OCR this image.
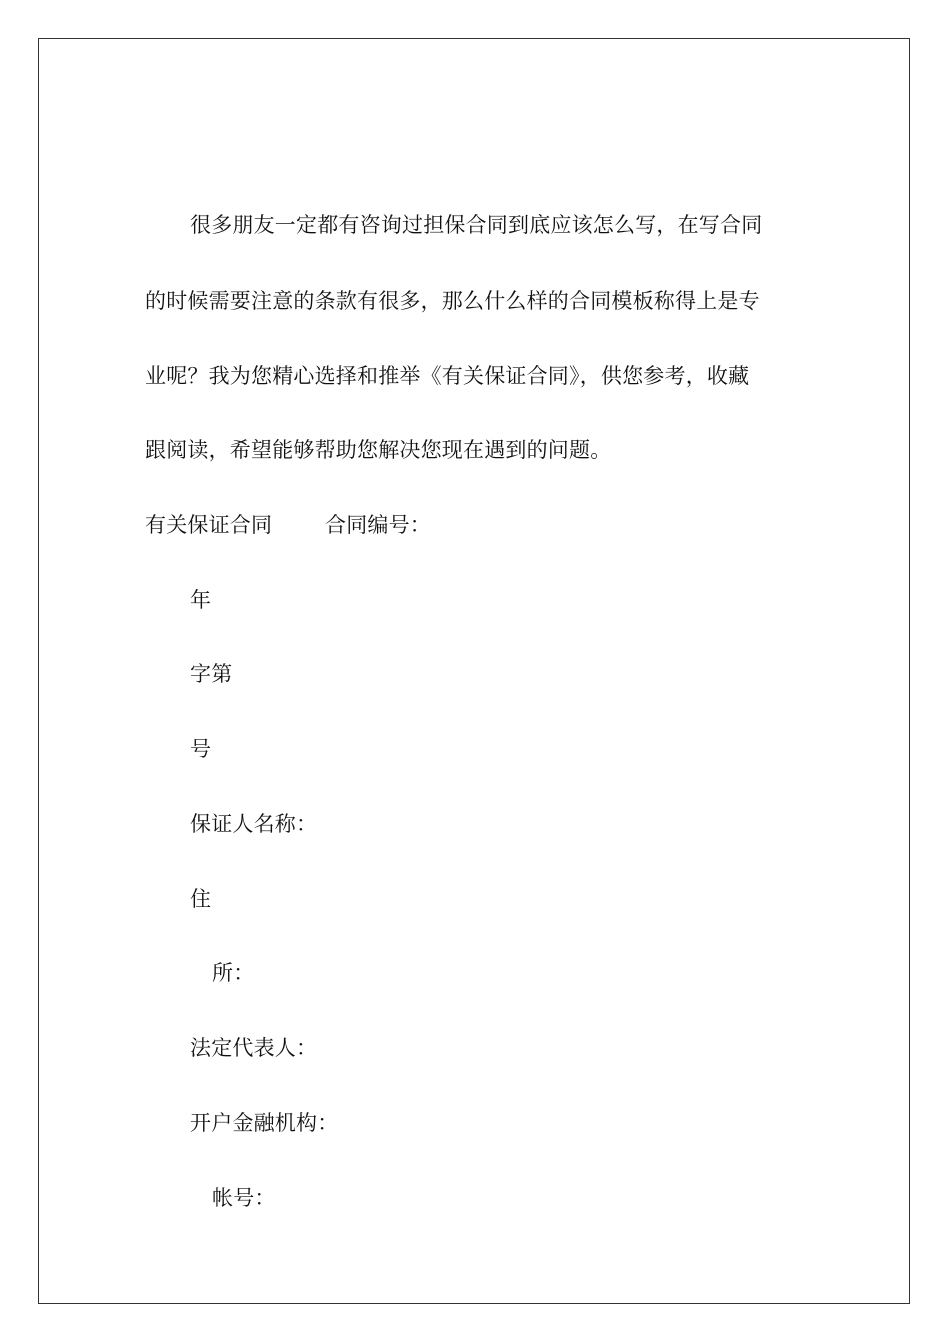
很多朋友一定都有咨询过担保合同到底应该怎么写，在写合同
的时候需要注意的条款有很多，那么什么样的合同模板称得上是专
业呢？我为您精心选择和推举《有关保证合同》，供您参考，收藏
跟阅读，希望能够帮助您解决您现在遇到的问题。
有关保证合同	合同编号：
年
字第
号
保证人名称：
住
所：
法定代表人：
开户金融机构：
帐号：
